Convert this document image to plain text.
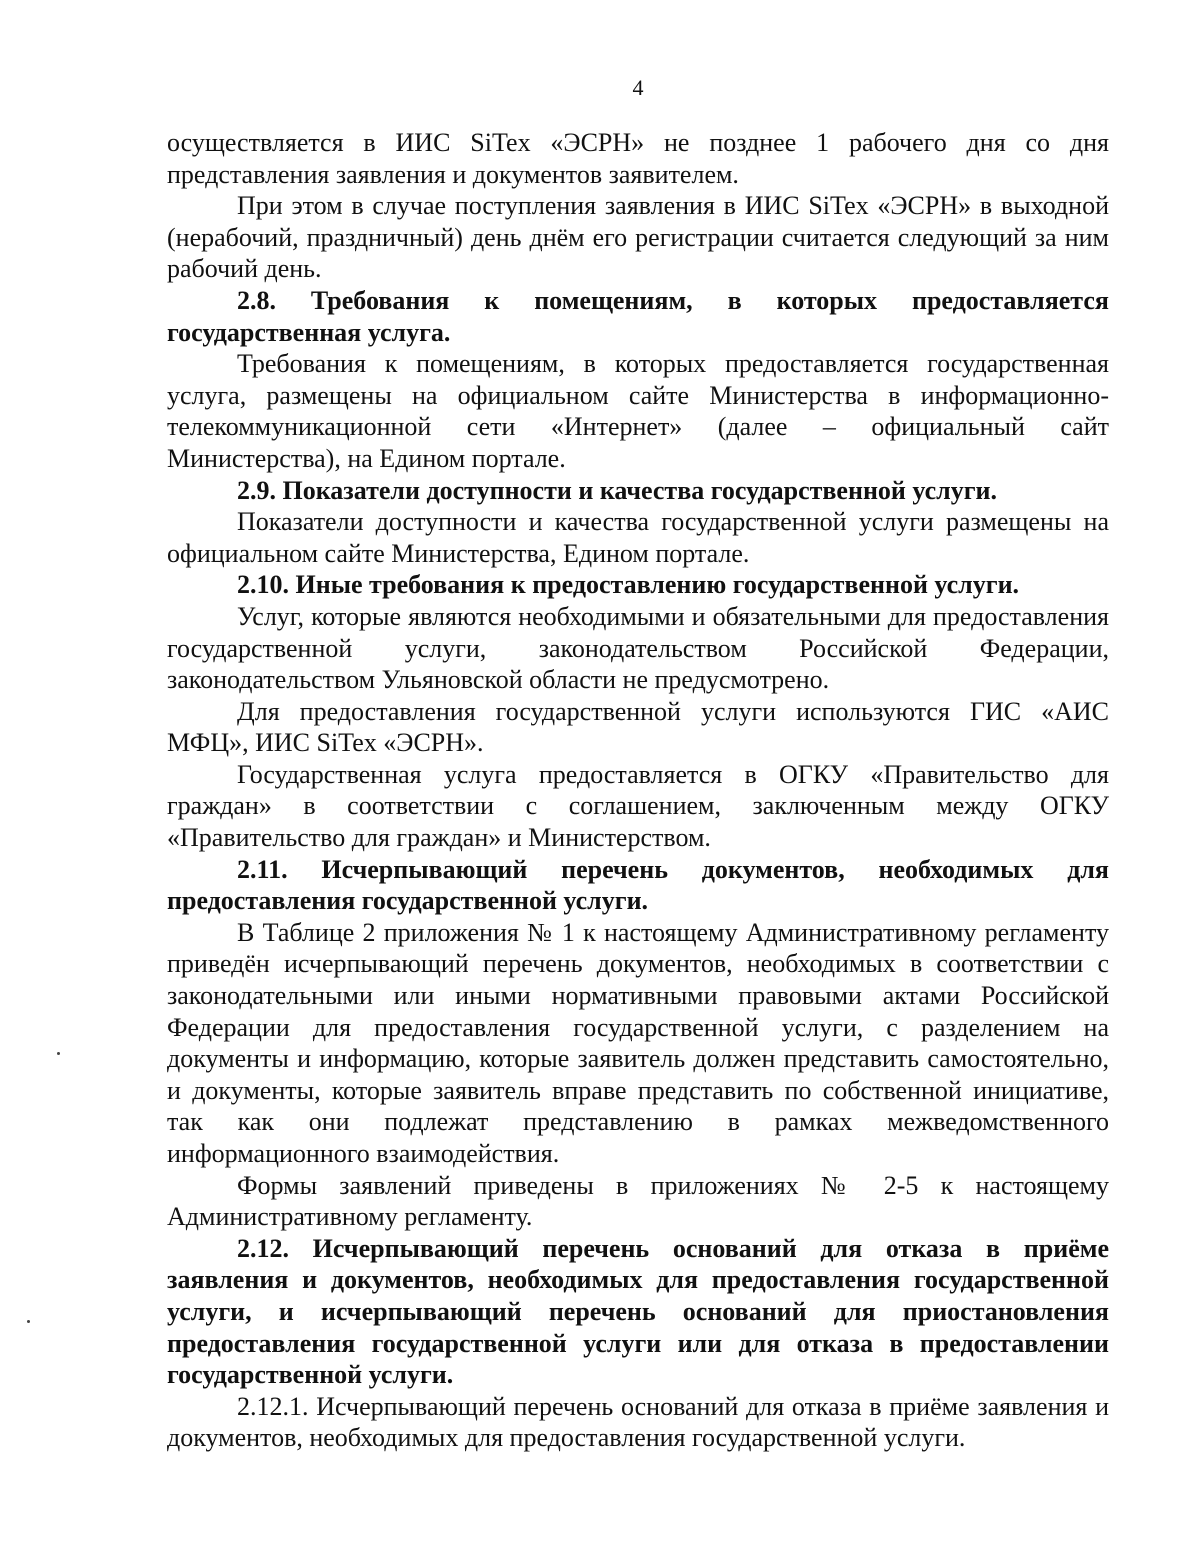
4

осуществляется в ИИС SiTex «ЭСРН» не позднее 1 рабочего дня со дня представления заявления и документов заявителем.

При этом в случае поступления заявления в ИИС SiTex «ЭСРН» в выходной (нерабочий, праздничный) день днём его регистрации считается следующий за ним рабочий день.

2.8. Требования к помещениям, в которых предоставляется государственная услуга.

Требования к помещениям, в которых предоставляется государственная услуга, размещены на официальном сайте Министерства в информационно-телекоммуникационной сети «Интернет» (далее – официальный сайт Министерства), на Едином портале.

2.9. Показатели доступности и качества государственной услуги.

Показатели доступности и качества государственной услуги размещены на официальном сайте Министерства, Едином портале.

2.10. Иные требования к предоставлению государственной услуги.

Услуг, которые являются необходимыми и обязательными для предоставления государственной услуги, законодательством Российской Федерации, законодательством Ульяновской области не предусмотрено.

Для предоставления государственной услуги используются ГИС «АИС МФЦ», ИИС SiTex «ЭСРН».

Государственная услуга предоставляется в ОГКУ «Правительство для граждан» в соответствии с соглашением, заключенным между ОГКУ «Правительство для граждан» и Министерством.

2.11. Исчерпывающий перечень документов, необходимых для предоставления государственной услуги.

В Таблице 2 приложения № 1 к настоящему Административному регламенту приведён исчерпывающий перечень документов, необходимых в соответствии с законодательными или иными нормативными правовыми актами Российской Федерации для предоставления государственной услуги, с разделением на документы и информацию, которые заявитель должен представить самостоятельно, и документы, которые заявитель вправе представить по собственной инициативе, так как они подлежат представлению в рамках межведомственного информационного взаимодействия.

Формы заявлений приведены в приложениях № 2-5 к настоящему Административному регламенту.

2.12. Исчерпывающий перечень оснований для отказа в приёме заявления и документов, необходимых для предоставления государственной услуги, и исчерпывающий перечень оснований для приостановления предоставления государственной услуги или для отказа в предоставлении государственной услуги.

2.12.1. Исчерпывающий перечень оснований для отказа в приёме заявления и документов, необходимых для предоставления государственной услуги.
